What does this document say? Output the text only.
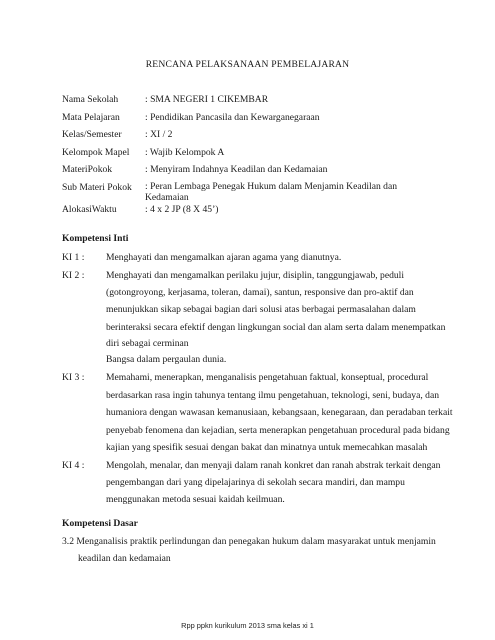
RENCANA PELAKSANAAN PEMBELAJARAN
Nama Sekolah	: SMA NEGERI 1 CIKEMBAR
Mata Pelajaran	: Pendidikan Pancasila dan Kewarganegaraan
Kelas/Semester : XI / 2
Kelompok Mapel : Wajib Kelompok A
MateriPokok	: Menyiram Indahnya Keadilan dan Kedamaian
Sub Materi Pokok : Peran Lembaga Penegak Hukum dalam Menjamin Keadilan dan
Kedamaian
AlokasiWaktu	: 4 x 2 JP (8 X 45’)
Kompetensi Inti
KI 1 : Menghayati dan mengamalkan ajaran agama yang dianutnya.
KI 2 : Menghayati dan mengamalkan perilaku jujur, disiplin, tanggungjawab, peduli
(gotongroyong, kerjasama, toleran, damai), santun, responsive dan pro-aktif dan
menunjukkan sikap sebagai bagian dari solusi atas berbagai permasalahan dalam
berinteraksi secara efektif dengan lingkungan social dan alam serta dalam menempatkan
diri sebagai cerminan
Bangsa dalam pergaulan dunia.
KI 3 : Memahami, menerapkan, menganalisis pengetahuan faktual, konseptual, procedural
berdasarkan rasa ingin tahunya tentang ilmu pengetahuan, teknologi, seni, budaya, dan
humaniora dengan wawasan kemanusiaan, kebangsaan, kenegaraan, dan peradaban terkait
penyebab fenomena dan kejadian, serta menerapkan pengetahuan procedural pada bidang
kajian yang spesifik sesuai dengan bakat dan minatnya untuk memecahkan masalah
KI 4 : Mengolah, menalar, dan menyaji dalam ranah konkret dan ranah abstrak terkait dengan
pengembangan dari yang dipelajarinya di sekolah secara mandiri, dan mampu
menggunakan metoda sesuai kaidah keilmuan.
Kompetensi Dasar
3.2 Menganalisis praktik perlindungan dan penegakan hukum dalam masyarakat untuk menjamin
keadilan dan kedamaian
Rpp ppkn kurikulum 2013 sma kelas xi 1
